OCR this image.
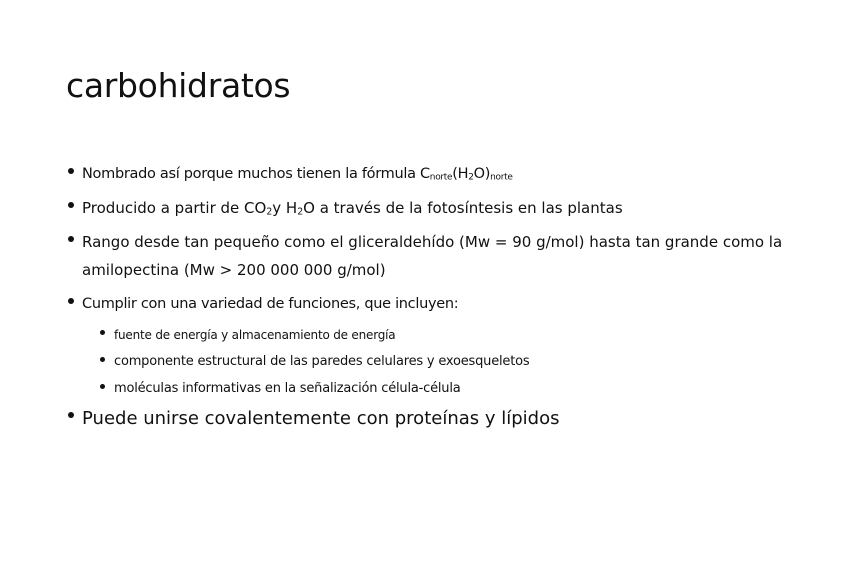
carbohidratos
Nombrado así porque muchos tienen la fórmula $C_{norte}(H_2O)_{norte}$
Producido a partir de $CO_2y$ $H_2O$ a través de la fotosíntesis en las plantas
Rango desde tan pequeño como el gliceraldehído (Mw = 90 g/mol) hasta tan grande como la amilopectina (Mw > 200 000 000 g/mol)
Cumplir con una variedad de funciones, que incluyen:
fuente de energía y almacenamiento de energía
componente estructural de las paredes celulares y exoesqueletos
moléculas informativas en la señalización célula-célula
Puede unirse covalentemente con proteínas y lípidos
